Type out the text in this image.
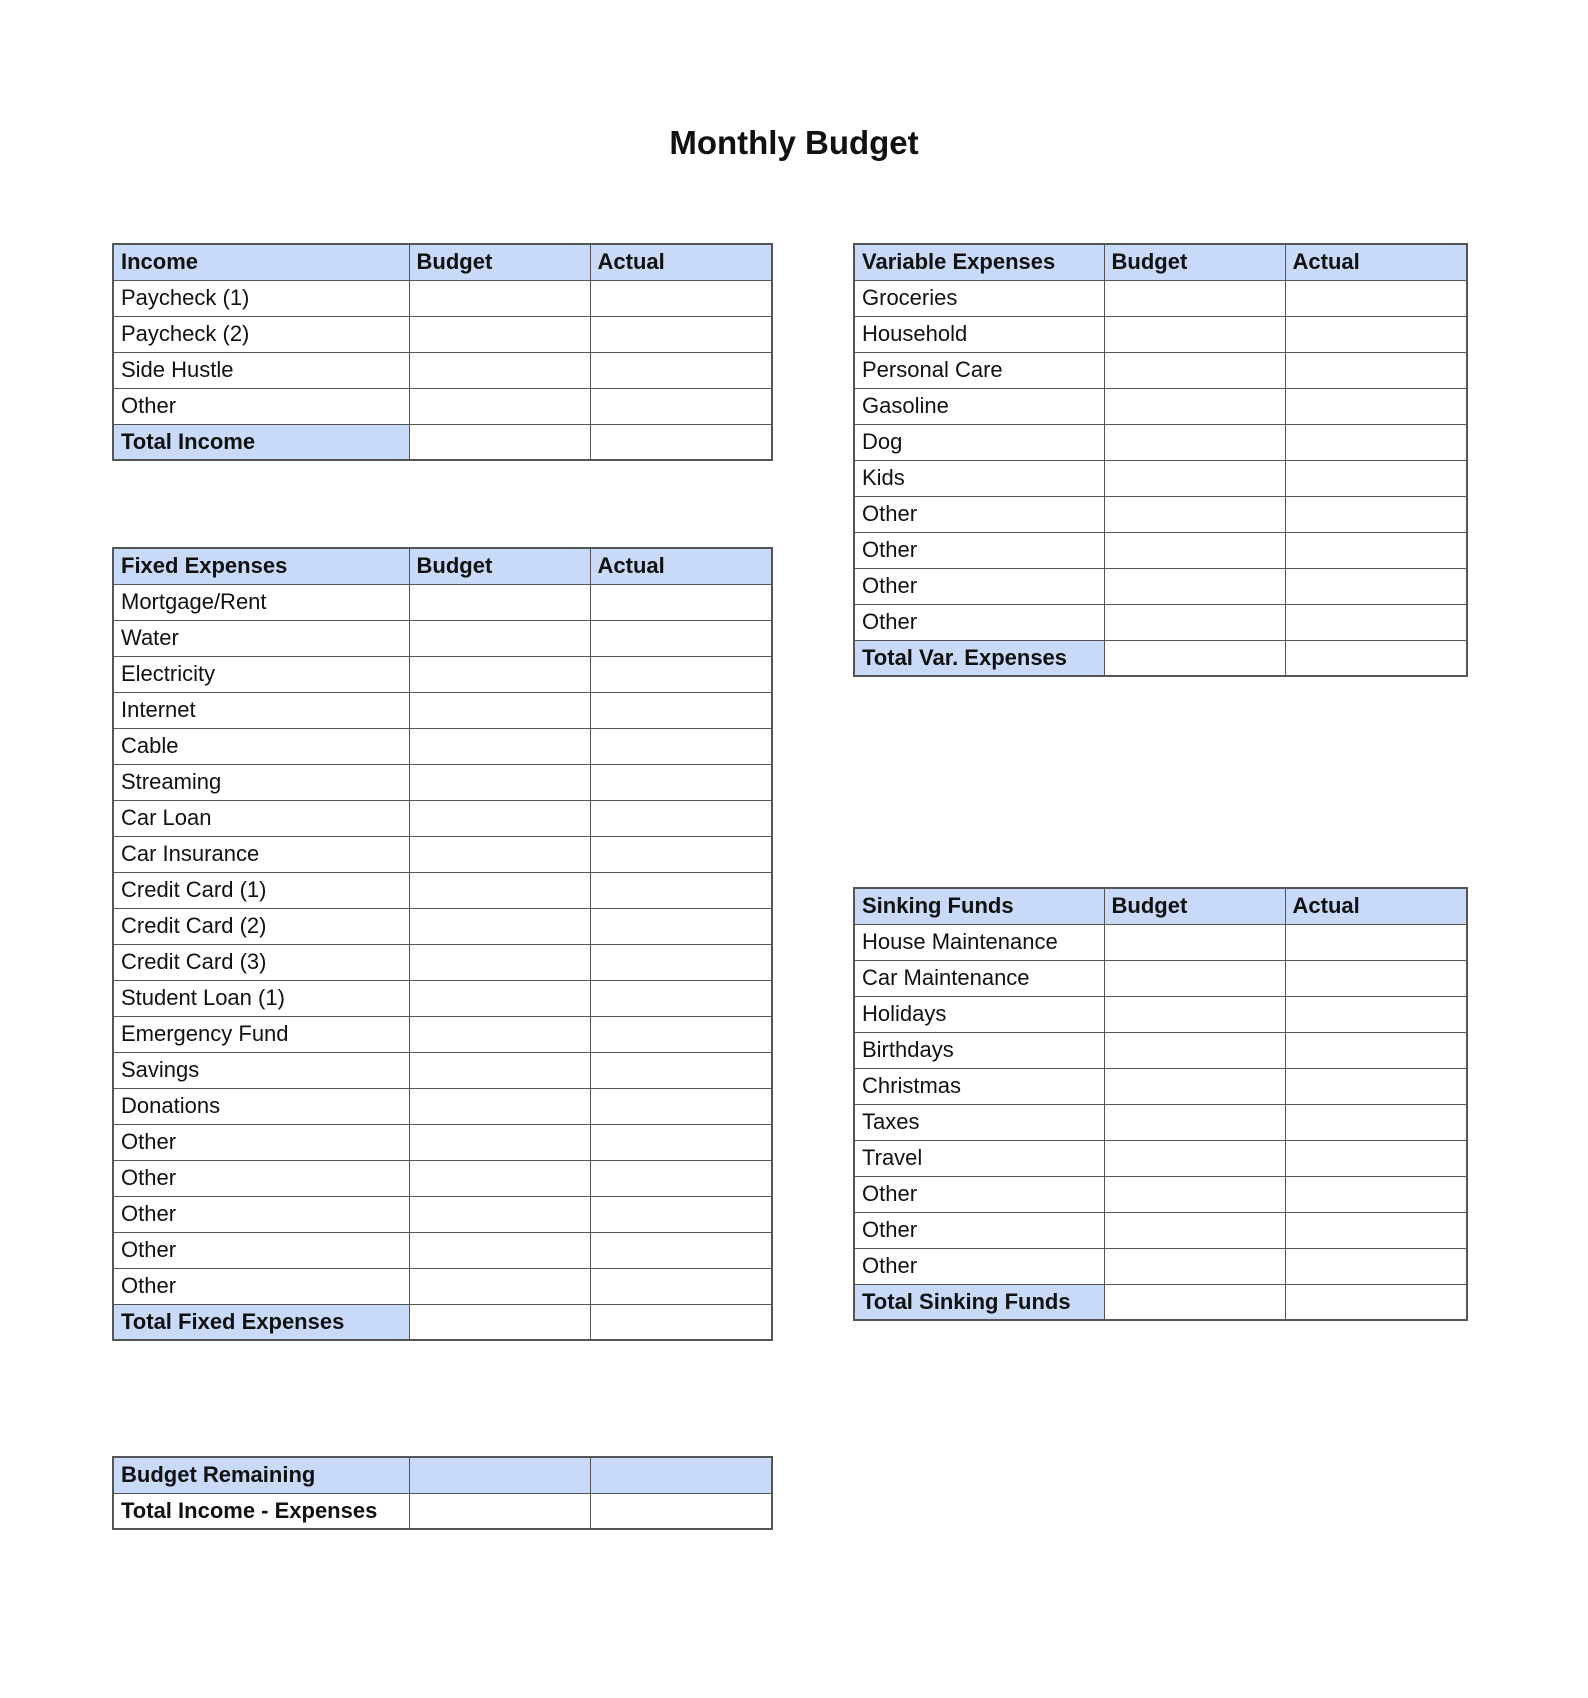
Monthly Budget
Income	Budget	Actual
Paycheck (1)		
Paycheck (2)		
Side Hustle		
Other		
Total Income		
Fixed Expenses	Budget	Actual
Mortgage/Rent		
Water		
Electricity		
Internet		
Cable		
Streaming		
Car Loan		
Car Insurance		
Credit Card (1)		
Credit Card (2)		
Credit Card (3)		
Student Loan (1)		
Emergency Fund		
Savings		
Donations		
Other		
Other		
Other		
Other		
Other		
Total Fixed Expenses		
Budget Remaining		
Total Income - Expenses		
Variable Expenses	Budget	Actual
Groceries		
Household		
Personal Care		
Gasoline		
Dog		
Kids		
Other		
Other		
Other		
Other		
Total Var. Expenses		
Sinking Funds	Budget	Actual
House Maintenance		
Car Maintenance		
Holidays		
Birthdays		
Christmas		
Taxes		
Travel		
Other		
Other		
Other		
Total Sinking Funds		
